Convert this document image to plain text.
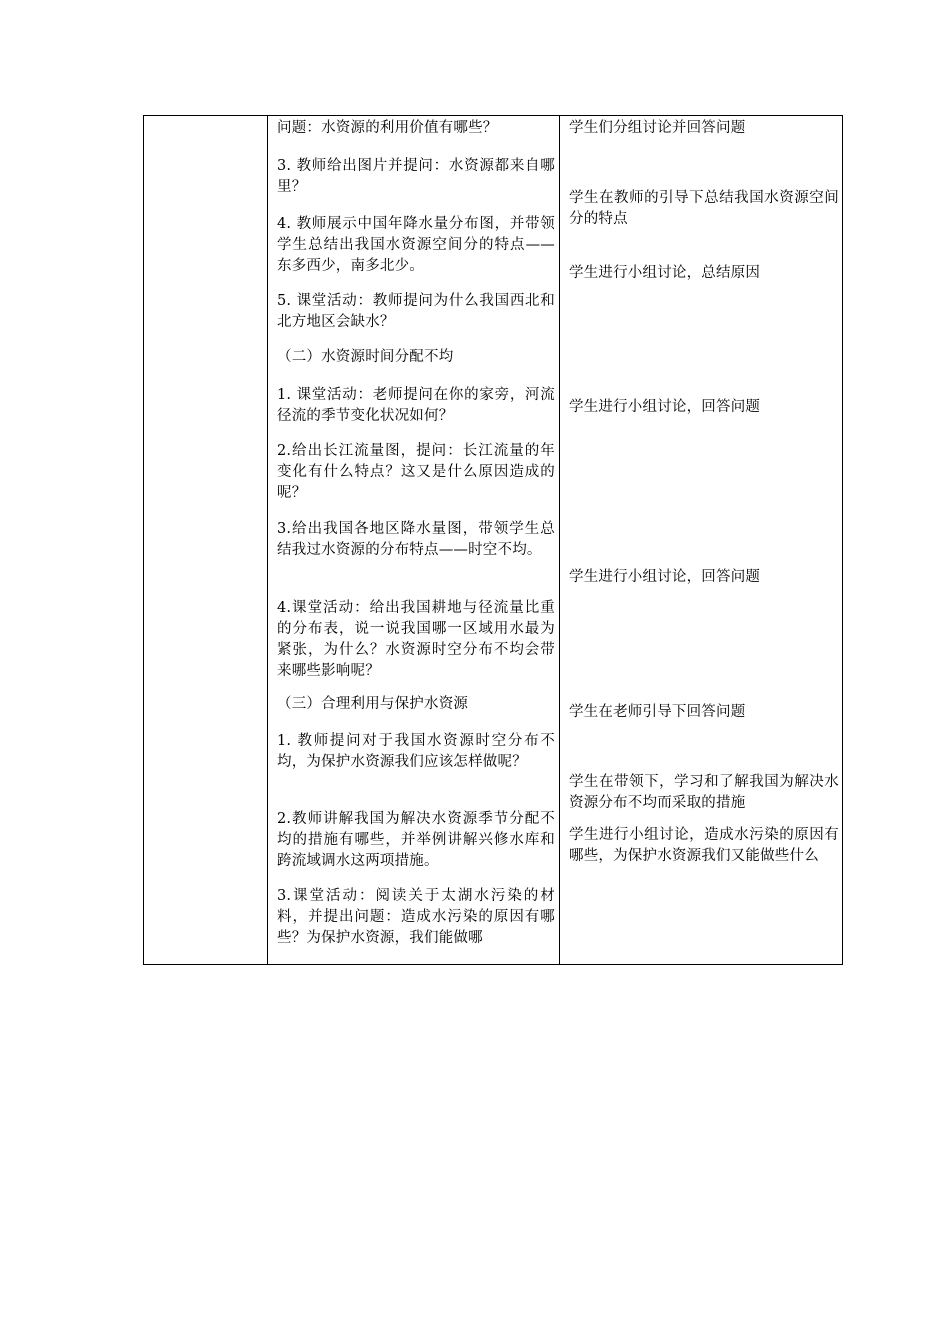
问题：水资源的利用价值有哪些？

3. 教师给出图片并提问：水资源都来自哪里？

4. 教师展示中国年降水量分布图，并带领学生总结出我国水资源空间分的特点——东多西少，南多北少。

5. 课堂活动：教师提问为什么我国西北和北方地区会缺水？

（二）水资源时间分配不均

1. 课堂活动：老师提问在你的家旁，河流径流的季节变化状况如何？

2.给出长江流量图，提问：长江流量的年变化有什么特点？这又是什么原因造成的呢？

3.给出我国各地区降水量图，带领学生总结我过水资源的分布特点——时空不均。

4.课堂活动：给出我国耕地与径流量比重的分布表，说一说我国哪一区域用水最为紧张，为什么？水资源时空分布不均会带来哪些影响呢？

（三）合理利用与保护水资源

1. 教师提问对于我国水资源时空分布不均，为保护水资源我们应该怎样做呢？

2.教师讲解我国为解决水资源季节分配不均的措施有哪些，并举例讲解兴修水库和跨流域调水这两项措施。

3.课堂活动：阅读关于太湖水污染的材料，并提出问题：造成水污染的原因有哪些？为保护水资源，我们能做哪

学生们分组讨论并回答问题

学生在教师的引导下总结我国水资源空间分的特点

学生进行小组讨论，总结原因

学生进行小组讨论，回答问题

学生进行小组讨论，回答问题

学生在老师引导下回答问题

学生在带领下，学习和了解我国为解决水资源分布不均而采取的措施

学生进行小组讨论，造成水污染的原因有哪些，为保护水资源我们又能做些什么
